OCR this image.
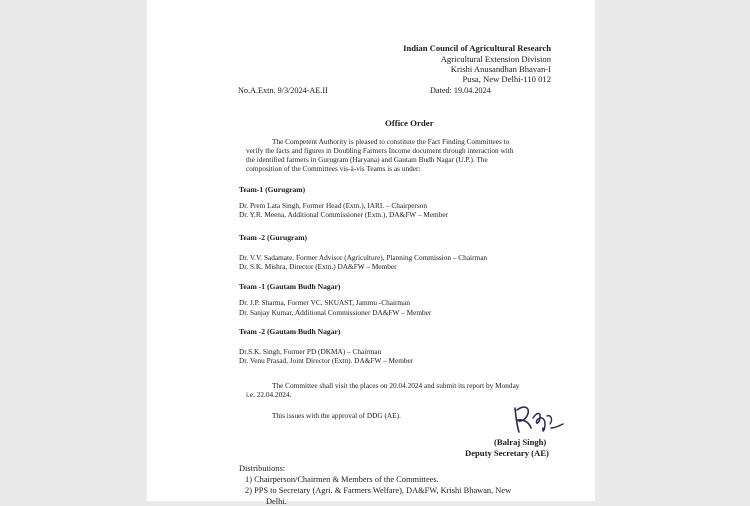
Indian Council of Agricultural Research
Agricultural Extension Division
Krishi Anusandhan Bhavan-I
Pusa, New Delhi-110 012
No.A.Extn. 9/3/2024-AE.II	Dated: 19.04.2024
Office Order
The Competent Authority is pleased to constitute the Fact Finding Committees to
verify the facts and figures in Doubling Farmers Income document through interaction with
the identified farmers in Gurugram (Haryana) and Gautam Budh Nagar (U.P.). The
composition of the Committees vis-à-vis Teams is as under:
Team-1 (Gurugram)
Dr. Prem Lata Singh, Former Head (Extn.), IARI. – Chairperson
Dr. Y.R. Meena, Additional Commissioner (Extn.), DA&FW – Member
Team -2 (Gurugram)
Dr. V.V. Sadamate, Former Advisor (Agriculture), Planning Commission – Chairman
Dr. S.K. Mishra, Director (Extn.) DA&FW – Member
Team -1 (Gautam Budh Nagar)
Dr. J.P. Sharma, Former VC, SKUAST, Jammu -Chairman
Dr. Sanjay Kumar, Additional Commissioner DA&FW – Member
Team -2 (Gautam Budh Nagar)
Dr.S.K. Singh, Former PD (DKMA) – Chairman
Dr. Venu Prasad, Joint Director (Extn). DA&FW – Member
The Committee shall visit the places on 20.04.2024 and submit its report by Monday
i.e. 22.04.2024.
This issues with the approval of DDG (AE).
(Balraj Singh)
Deputy Secretary (AE)
Distributions:
1) Chairperson/Chairmen & Members of the Committees.
2) PPS to Secretary (Agri. & Farmers Welfare), DA&FW, Krishi Bhawan, New
Delhi.
